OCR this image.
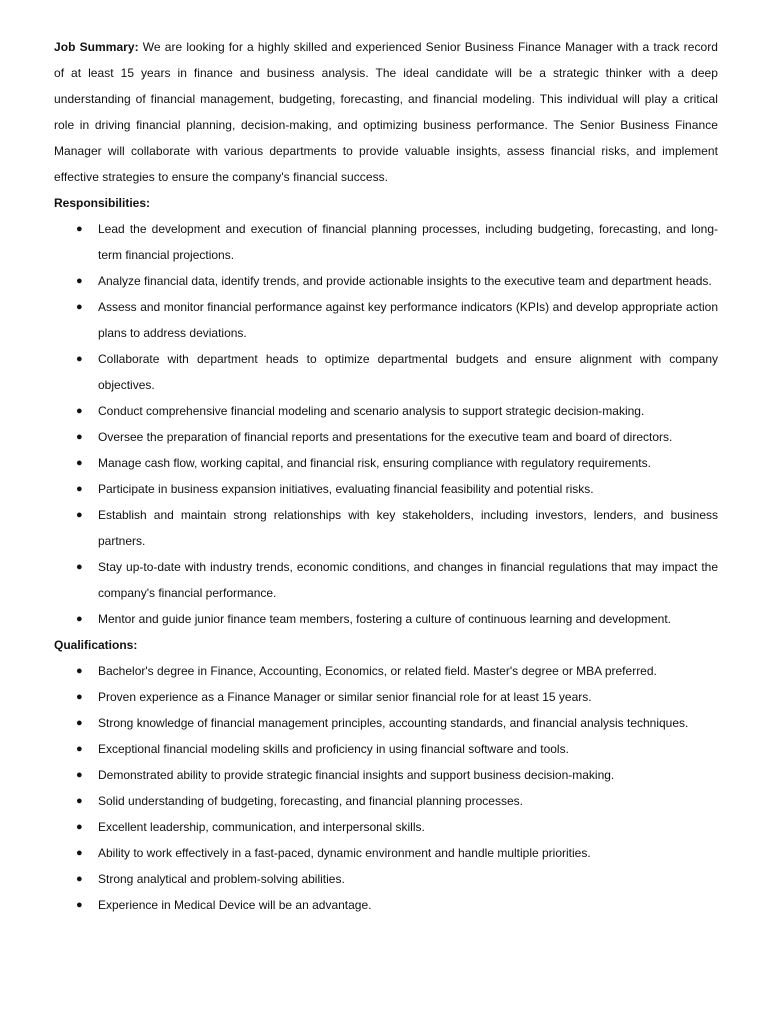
Job Summary: We are looking for a highly skilled and experienced Senior Business Finance Manager with a track record of at least 15 years in finance and business analysis. The ideal candidate will be a strategic thinker with a deep understanding of financial management, budgeting, forecasting, and financial modeling. This individual will play a critical role in driving financial planning, decision-making, and optimizing business performance. The Senior Business Finance Manager will collaborate with various departments to provide valuable insights, assess financial risks, and implement effective strategies to ensure the company's financial success.

Responsibilities:

● Lead the development and execution of financial planning processes, including budgeting, forecasting, and long-term financial projections.
● Analyze financial data, identify trends, and provide actionable insights to the executive team and department heads.
● Assess and monitor financial performance against key performance indicators (KPIs) and develop appropriate action plans to address deviations.
● Collaborate with department heads to optimize departmental budgets and ensure alignment with company objectives.
● Conduct comprehensive financial modeling and scenario analysis to support strategic decision-making.
● Oversee the preparation of financial reports and presentations for the executive team and board of directors.
● Manage cash flow, working capital, and financial risk, ensuring compliance with regulatory requirements.
● Participate in business expansion initiatives, evaluating financial feasibility and potential risks.
● Establish and maintain strong relationships with key stakeholders, including investors, lenders, and business partners.
● Stay up-to-date with industry trends, economic conditions, and changes in financial regulations that may impact the company's financial performance.
● Mentor and guide junior finance team members, fostering a culture of continuous learning and development.

Qualifications:

● Bachelor's degree in Finance, Accounting, Economics, or related field. Master's degree or MBA preferred.
● Proven experience as a Finance Manager or similar senior financial role for at least 15 years.
● Strong knowledge of financial management principles, accounting standards, and financial analysis techniques.
● Exceptional financial modeling skills and proficiency in using financial software and tools.
● Demonstrated ability to provide strategic financial insights and support business decision-making.
● Solid understanding of budgeting, forecasting, and financial planning processes.
● Excellent leadership, communication, and interpersonal skills.
● Ability to work effectively in a fast-paced, dynamic environment and handle multiple priorities.
● Strong analytical and problem-solving abilities.
● Experience in Medical Device will be an advantage.
